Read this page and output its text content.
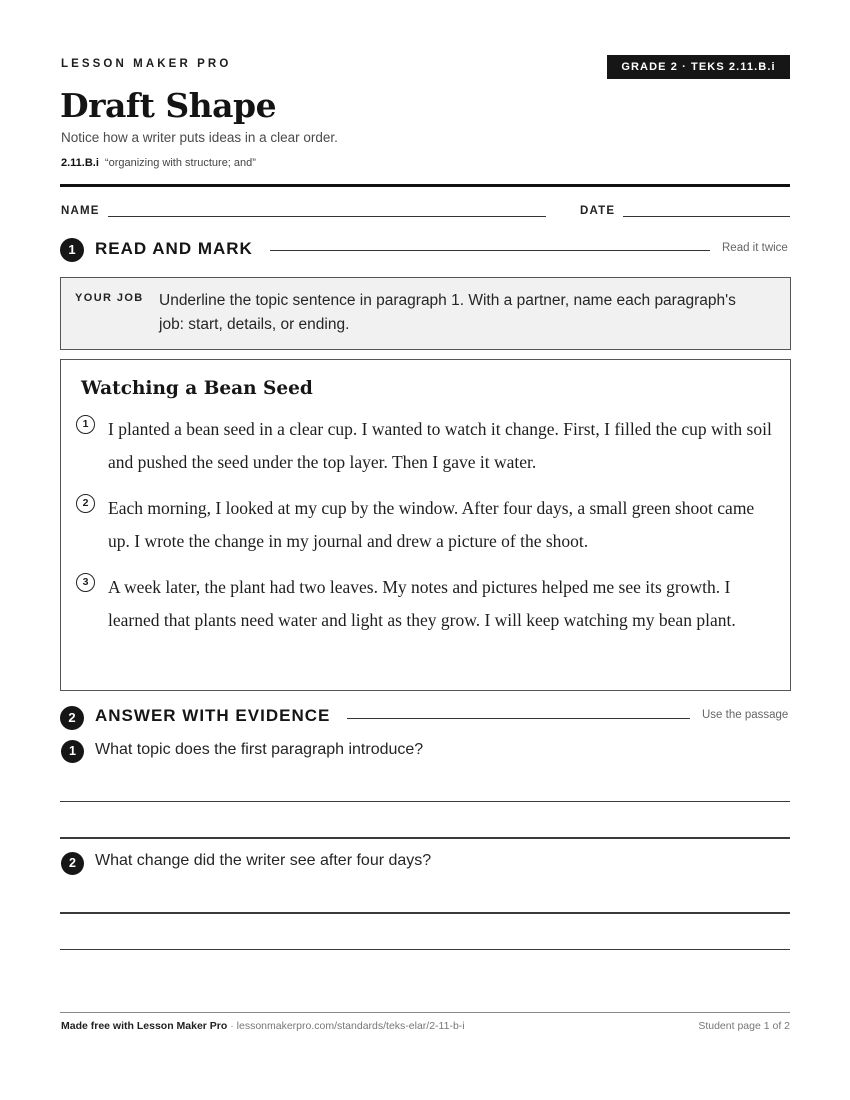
LESSON MAKER PRO	GRADE 2 · TEKS 2.11.B.i
Draft Shape
Notice how a writer puts ideas in a clear order.
2.11.B.i “organizing with structure; and”
NAME	DATE
1	READ AND MARK	Read it twice
YOUR JOB Underline the topic sentence in paragraph 1. With a partner, name each paragraph's job: start, details, or ending.
Watching a Bean Seed
1	I planted a bean seed in a clear cup. I wanted to watch it change. First, I filled the cup with soil and pushed the seed under the top layer. Then I gave it water.
2	Each morning, I looked at my cup by the window. After four days, a small green shoot came up. I wrote the change in my journal and drew a picture of the shoot.
3	A week later, the plant had two leaves. My notes and pictures helped me see its growth. I learned that plants need water and light as they grow. I will keep watching my bean plant.
2	ANSWER WITH EVIDENCE	Use the passage
1	What topic does the first paragraph introduce?
2	What change did the writer see after four days?
Made free with Lesson Maker Pro · lessonmakerpro.com/standards/teks-elar/2-11-b-i	Student page 1 of 2
